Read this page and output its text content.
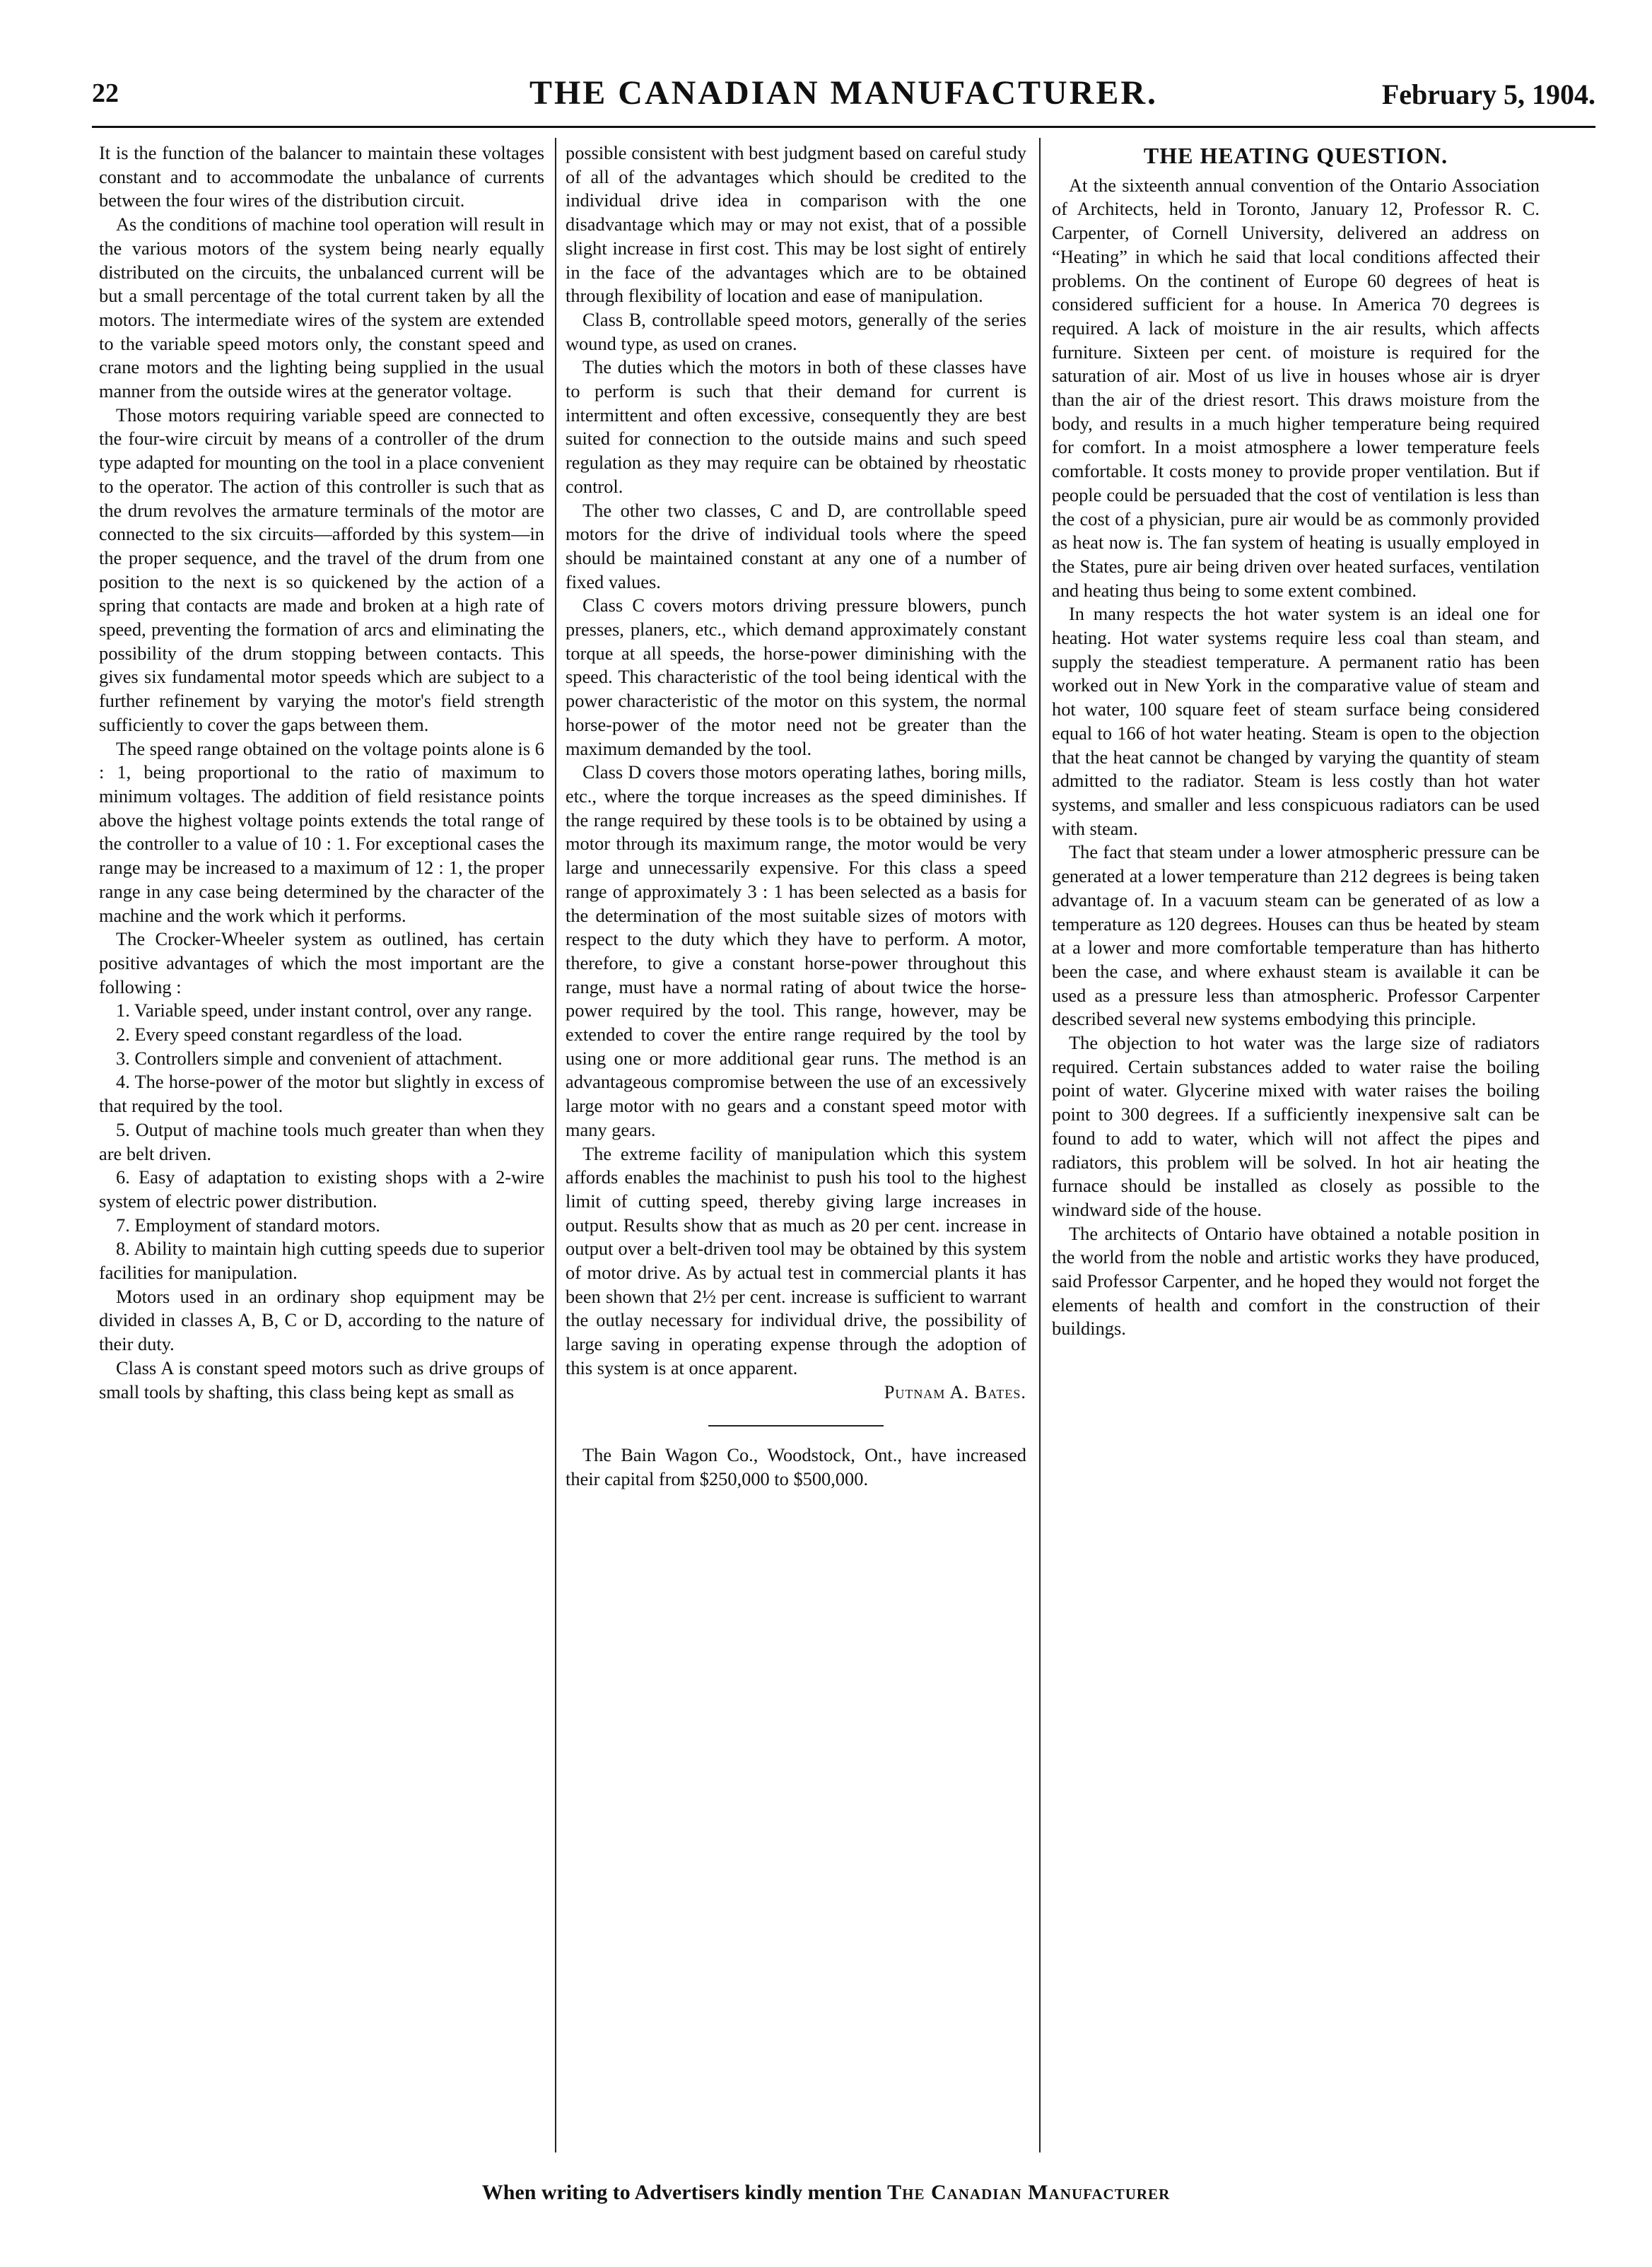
22	THE CANADIAN MANUFACTURER.	February 5, 1904.

It is the function of the balancer to maintain these voltages constant and to accommodate the unbalance of currents between the four wires of the distribution circuit.

As the conditions of machine tool operation will result in the various motors of the system being nearly equally distributed on the circuits, the unbalanced current will be but a small percentage of the total current taken by all the motors. The intermediate wires of the system are extended to the variable speed motors only, the constant speed and crane motors and the lighting being supplied in the usual manner from the outside wires at the generator voltage.

Those motors requiring variable speed are connected to the four-wire circuit by means of a controller of the drum type adapted for mounting on the tool in a place convenient to the operator. The action of this controller is such that as the drum revolves the armature terminals of the motor are connected to the six circuits—afforded by this system—in the proper sequence, and the travel of the drum from one position to the next is so quickened by the action of a spring that contacts are made and broken at a high rate of speed, preventing the formation of arcs and eliminating the possibility of the drum stopping between contacts. This gives six fundamental motor speeds which are subject to a further refinement by varying the motor's field strength sufficiently to cover the gaps between them.

The speed range obtained on the voltage points alone is 6 : 1, being proportional to the ratio of maximum to minimum voltages. The addition of field resistance points above the highest voltage points extends the total range of the controller to a value of 10 : 1. For exceptional cases the range may be increased to a maximum of 12 : 1, the proper range in any case being determined by the character of the machine and the work which it performs.

The Crocker-Wheeler system as outlined, has certain positive advantages of which the most important are the following :

1. Variable speed, under instant control, over any range.

2. Every speed constant regardless of the load.

3. Controllers simple and convenient of attachment.

4. The horse-power of the motor but slightly in excess of that required by the tool.

5. Output of machine tools much greater than when they are belt driven.

6. Easy of adaptation to existing shops with a 2-wire system of electric power distribution.

7. Employment of standard motors.

8. Ability to maintain high cutting speeds due to superior facilities for manipulation.

Motors used in an ordinary shop equipment may be divided in classes A, B, C or D, according to the nature of their duty.

Class A is constant speed motors such as drive groups of small tools by shafting, this class being kept as small as

possible consistent with best judgment based on careful study of all of the advantages which should be credited to the individual drive idea in comparison with the one disadvantage which may or may not exist, that of a possible slight increase in first cost. This may be lost sight of entirely in the face of the advantages which are to be obtained through flexibility of location and ease of manipulation.

Class B, controllable speed motors, generally of the series wound type, as used on cranes.

The duties which the motors in both of these classes have to perform is such that their demand for current is intermittent and often excessive, consequently they are best suited for connection to the outside mains and such speed regulation as they may require can be obtained by rheostatic control.

The other two classes, C and D, are controllable speed motors for the drive of individual tools where the speed should be maintained constant at any one of a number of fixed values.

Class C covers motors driving pressure blowers, punch presses, planers, etc., which demand approximately constant torque at all speeds, the horse-power diminishing with the speed. This characteristic of the tool being identical with the power characteristic of the motor on this system, the normal horse-power of the motor need not be greater than the maximum demanded by the tool.

Class D covers those motors operating lathes, boring mills, etc., where the torque increases as the speed diminishes. If the range required by these tools is to be obtained by using a motor through its maximum range, the motor would be very large and unnecessarily expensive. For this class a speed range of approximately 3 : 1 has been selected as a basis for the determination of the most suitable sizes of motors with respect to the duty which they have to perform. A motor, therefore, to give a constant horse-power throughout this range, must have a normal rating of about twice the horse-power required by the tool. This range, however, may be extended to cover the entire range required by the tool by using one or more additional gear runs. The method is an advantageous compromise between the use of an excessively large motor with no gears and a constant speed motor with many gears.

The extreme facility of manipulation which this system affords enables the machinist to push his tool to the highest limit of cutting speed, thereby giving large increases in output. Results show that as much as 20 per cent. increase in output over a belt-driven tool may be obtained by this system of motor drive. As by actual test in commercial plants it has been shown that 2½ per cent. increase is sufficient to warrant the outlay necessary for individual drive, the possibility of large saving in operating expense through the adoption of this system is at once apparent.

Putnam A. Bates.

The Bain Wagon Co., Woodstock, Ont., have increased their capital from $250,000 to $500,000.

THE HEATING QUESTION.

At the sixteenth annual convention of the Ontario Association of Architects, held in Toronto, January 12, Professor R. C. Carpenter, of Cornell University, delivered an address on “Heating” in which he said that local conditions affected their problems. On the continent of Europe 60 degrees of heat is considered sufficient for a house. In America 70 degrees is required. A lack of moisture in the air results, which affects furniture. Sixteen per cent. of moisture is required for the saturation of air. Most of us live in houses whose air is dryer than the air of the driest resort. This draws moisture from the body, and results in a much higher temperature being required for comfort. In a moist atmosphere a lower temperature feels comfortable. It costs money to provide proper ventilation. But if people could be persuaded that the cost of ventilation is less than the cost of a physician, pure air would be as commonly provided as heat now is. The fan system of heating is usually employed in the States, pure air being driven over heated surfaces, ventilation and heating thus being to some extent combined.

In many respects the hot water system is an ideal one for heating. Hot water systems require less coal than steam, and supply the steadiest temperature. A permanent ratio has been worked out in New York in the comparative value of steam and hot water, 100 square feet of steam surface being considered equal to 166 of hot water heating. Steam is open to the objection that the heat cannot be changed by varying the quantity of steam admitted to the radiator. Steam is less costly than hot water systems, and smaller and less conspicuous radiators can be used with steam.

The fact that steam under a lower atmospheric pressure can be generated at a lower temperature than 212 degrees is being taken advantage of. In a vacuum steam can be generated of as low a temperature as 120 degrees. Houses can thus be heated by steam at a lower and more comfortable temperature than has hitherto been the case, and where exhaust steam is available it can be used as a pressure less than atmospheric. Professor Carpenter described several new systems embodying this principle.

The objection to hot water was the large size of radiators required. Certain substances added to water raise the boiling point of water. Glycerine mixed with water raises the boiling point to 300 degrees. If a sufficiently inexpensive salt can be found to add to water, which will not affect the pipes and radiators, this problem will be solved. In hot air heating the furnace should be installed as closely as possible to the windward side of the house.

The architects of Ontario have obtained a notable position in the world from the noble and artistic works they have produced, said Professor Carpenter, and he hoped they would not forget the elements of health and comfort in the construction of their buildings.

When writing to Advertisers kindly mention The Canadian Manufacturer
